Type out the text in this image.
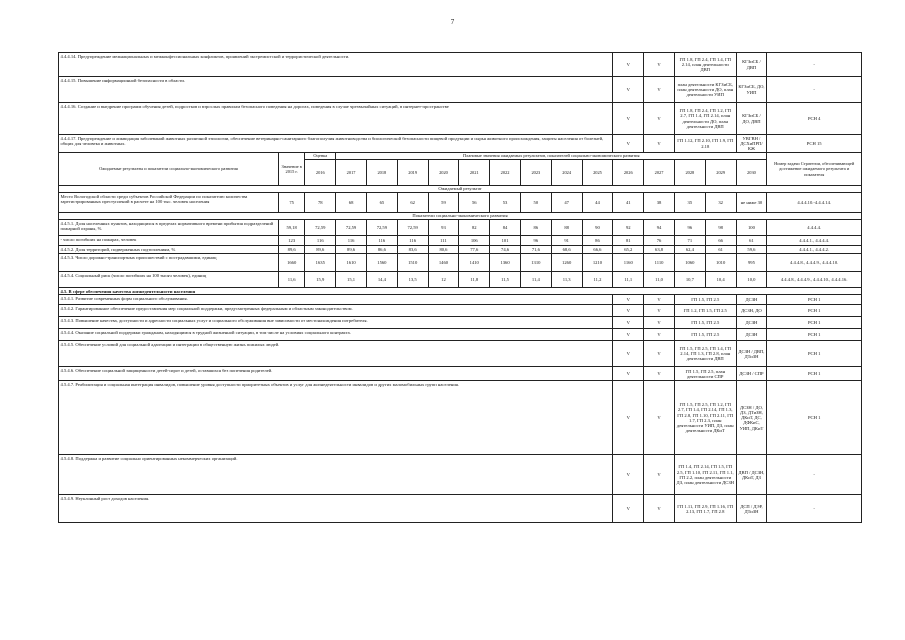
7
4.4.4.14. Предупреждение межнациональных и межконфессиональных конфликтов, проявлений экстремистской и террористической деятельности.												V	V	ГП 1.8, ГП 2.4, ГП 1.4, ГП 2.14, план деятельности ДВП		КГЗиСБ / ДВП	-
4.4.4.15. Повышение информационной безопасности в области.												V	V	план деятельности КГЗиСБ, план деятельности ДО, план деятельности УИП		КГЗиСБ, ДО, УИП	-
4.4.4.16. Создание и внедрение программ обучения детей, подростков и взрослых правилам безопасного поведения на дорогах, поведения в случае чрезвычайных ситуаций, в интернет-пространстве												V	V	ГП 1.8, ГП 2.4, ГП 1.2, ГП 2.7, ГП 1.4, ГП 2.14, план деятельности ДО, план деятельности ДВП		КГЗиСБ / ДО, ДВП	РСН 4
4.4.4.17. Предупреждение и ликвидация заболеваний животных различной этиологии, обеспечение ветеринарно-санитарного благополучия животноводства и биологической безопасности пищевой продукции и сырья животного происхождения, защиты населения от болезней, общих для человека и животных.												V	V	ГП 1.12, ГП 2.10, ГП 1.9, ГП 2.18		УВГВН / ДСХиПРП/КЖ	РСН 15
Ожидаемые результаты и показатели социально-экономического развития	Значение в 2015 г.	Оценка	Плановые значения ожидаемых результатов, показателей социально-экономического развития														Номер задачи Стратегии, обеспечивающей достижение ожидаемого результата и показателя
		2016	2017	2018	2019	2020	2021	2022	2023	2024	2025	2026	2027	2028	2029	2030	
Ожидаемый результат																	
Место Вологодской области среди субъектов Российской Федерации по показателю количества зарегистрированных преступлений в расчете на 100 тыс. человек населения	75	78	68	65	62	59	56	53	50	47	44	41	38	35	32	не ниже 30	4.4.4.10.-4.4.4.14.
Показатели социально-экономического развития																	
4.4.5.1. Доля населенных пунктов, находящихся в пределах нормативного времени прибытия подразделений пожарной охраны, %	59,18	72,59	72,59	72,59	72,59	93	82	84	86	88	90	92	94	96	98	100	4.4.4.4.
- число погибших на пожарах, человек	123	116	116	116	116	111	106	101	96	91	86	81	76	71	66	61	4.4.4.1., 4.4.4.4.
4.4.5.2. Доля территорий, подверженных подтоплениям, %	89,6	89,6	89,6	86,6	83,6	80,6	77,6	74,6	71,6	68,6	66,6	65,2	63,8	62,4	61	59,6	4.4.4.1., 4.4.4.2.
4.4.5.3. Число дорожно-транспортных происшествий с пострадавшими, единиц	1660	1635	1610	1560	1510	1460	1410	1360	1310	1260	1210	1160	1110	1060	1010	995	4.4.4.8., 4.4.4.9., 4.4.4.10.
4.4.5.4. Социальный риск (число погибших на 100 тысяч человек), единиц	11,6	15,9	15,1	14,4	13,5	12	11,8	11,5	11,4	11,3	11,2	11,1	11,0	10,7	10,4	10,0	4.4.4.8., 4.4.4.9., 4.4.4.10., 4.4.4.16.
4.5. В сфере обеспечения качества жизнедеятельности населения																	
4.5.4.1. Развитие современных форм социального обслуживания.												V	V	ГП 1.5, ГП 2.5		ДСЗН	РСН 1
4.5.4.2. Гарантированное обеспечение предоставления мер социальной поддержки, предусмотренных федеральным и областным законодательством.												V	V	ГП 1.2, ГП 1.5, ГП 2.5		ДСЗН, ДО	РСН 1
4.5.4.3. Повышение качества, доступности и адресности социальных услуг и социального обслуживания вне зависимости от местонахождения потребителя.												V	V	ГП 1.5, ГП 2.5		ДСЗН	РСН 1
4.5.4.4. Оказание социальной поддержки гражданам, находящимся в трудной жизненной ситуации, в том числе на условиях социального контракта.												V	V	ГП 1.5, ГП 2.5		ДСЗН	РСН 1
4.5.4.5. Обеспечение условий для социальной адаптации и интеграции в общественную жизнь пожилых людей.												V	V	ГП 1.5, ГП 2.5, ГП 1.4, ГП 2.14, ГП 1.3, ГП 2.8, план деятельности ДВП		ДСЗН / ДВП, ДТиЗН	РСН 1
4.5.4.6. Обеспечение социальной защищенности детей-сирот и детей, оставшихся без попечения родителей.												V	V	ГП 1.5, ГП 2.5, план деятельности СПР		ДСЗН / СПР	РСН 1
4.5.4.7. Реабилитация и социальная интеграция инвалидов, повышение уровня доступности приоритетных объектов и услуг для жизнедеятельности инвалидов и других маломобильных групп населения.												V	V	ГП 1.5, ГП 2.5, ГП 1.2, ГП 2.7, ГП 1.4, ГП 2.14, ГП 1.3, ГП 2.8, ГП 1.10, ГП 2.11, ГП 1.7, ГП 2.3, план деятельности УИП, ДЗ, план деятельности ДКиТ		ДСЗН / ДО, ДЗ, ДТиЗН, ДКиТ, ДС, ДФКиС, УИП, ДКиТ	РСН 1
4.5.4.8. Поддержка и развитие социально ориентированных некоммерческих организаций.												V	V	ГП 1.4, ГП 2.14, ГП 1.5, ГП 2.5, ГП 1.10, ГП 2.11, ГП 1.1, ГП 2.2, план деятельности ДЗ, план деятельности ДСЗН		ДВП / ДСЗН, ДКиТ, ДЗ	-
4.5.4.9. Неуклонный рост доходов населения.												V	V	ГП 1.11, ГП 2.9, ГП 1.16, ГП 2.13, ГП 1.7, ГП 2.8		ДСП / ДЭР, ДТиЗН	-
